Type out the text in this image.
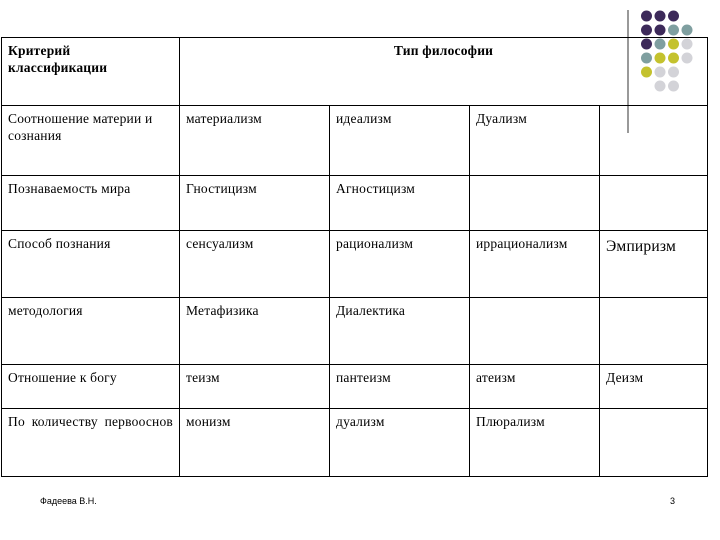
Критерий классификации	Тип философии			
Соотношение материи и сознания	материализм	идеализм	Дуализм	
Познаваемость мира	Гностицизм	Агностицизм		
Способ познания	сенсуализм	рационализм	иррационализм	Эмпиризм
методология	Метафизика	Диалектика		
Отношение к богу	теизм	пантеизм	атеизм	Деизм
По количеству первооснов	монизм	дуализм	Плюрализм	
Фадеева В.Н.	3
